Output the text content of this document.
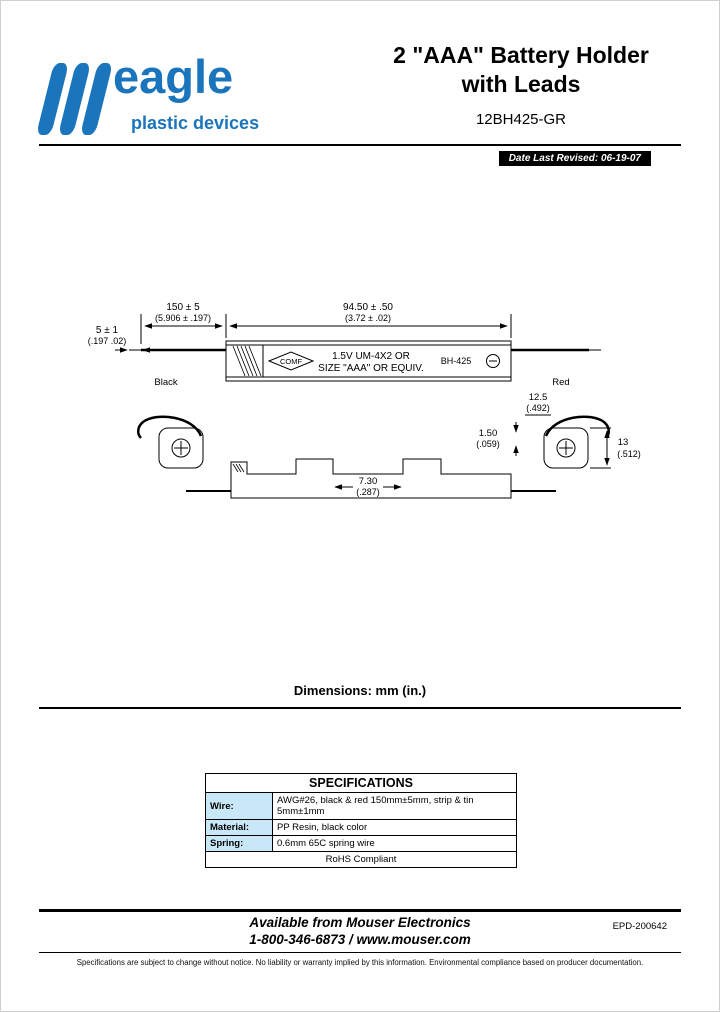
eagle
plastic devices
2 "AAA" Battery Holder
with Leads
12BH425-GR
Date Last Revised: 06-19-07
150 ± 5
(5.906 ± .197)
94.50 ± .50
(3.72 ± .02)
5 ± 1
(.197 .02)
Black	Red
1.5V UM-4X2 OR
SIZE "AAA" OR EQUIV.
COMF	BH-425
12.5
(.492)
1.50
(.059)	13
(.512)
7.30
(.287)
Dimensions: mm (in.)
SPECIFICATIONS	
Wire:	AWG#26, black & red 150mm±5mm, strip & tin 5mm±1mm
Material:	PP Resin, black color
Spring:	0.6mm 65C spring wire
RoHS Compliant	
Available from Mouser Electronics
1-800-346-6873 / www.mouser.com
EPD-200642
Specifications are subject to change without notice. No liability or warranty implied by this information. Environmental compliance based on producer documentation.
